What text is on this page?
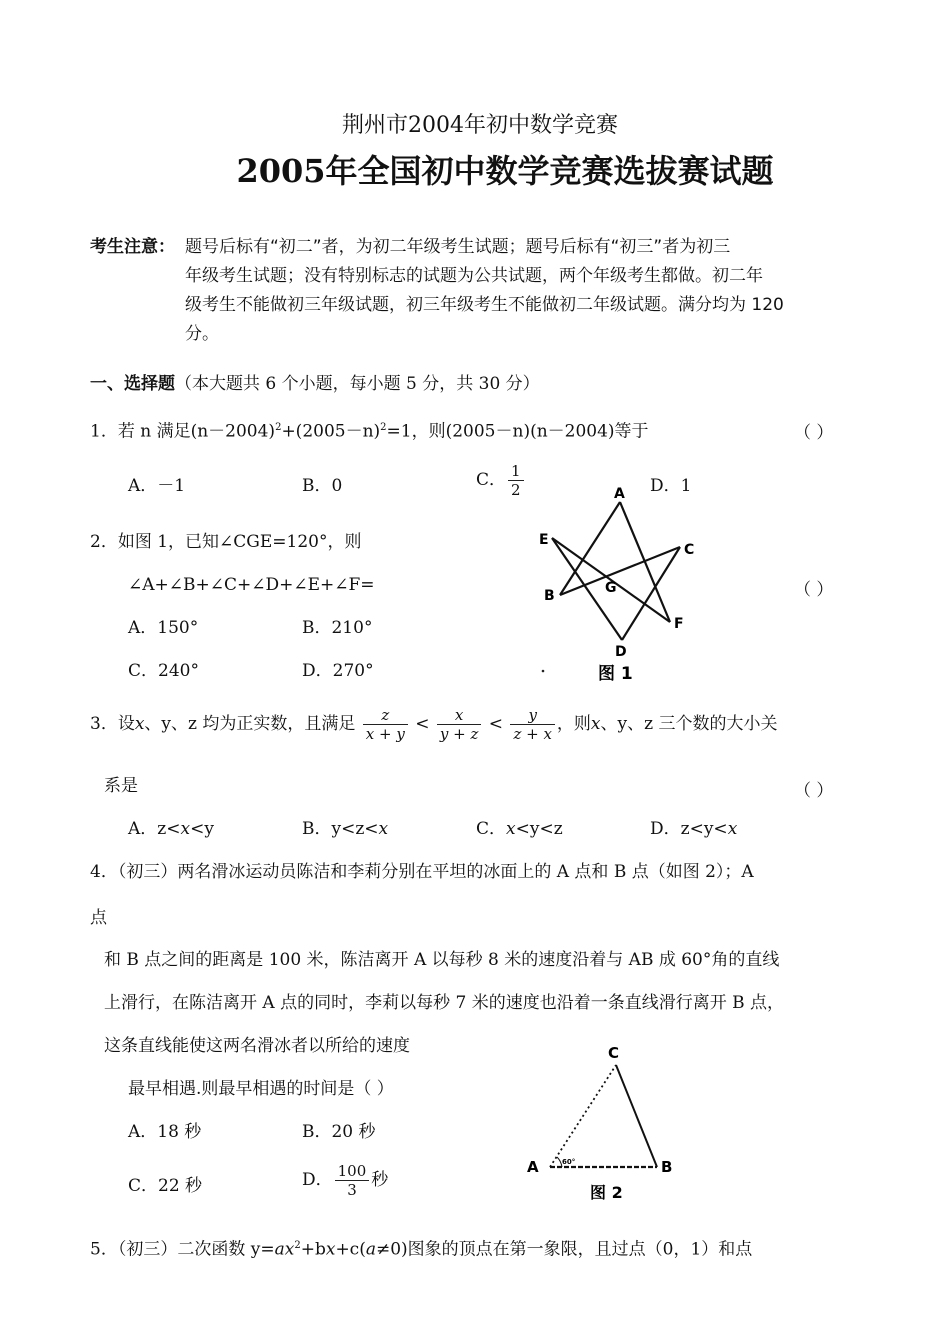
荆州市2004年初中数学竞赛
2005年全国初中数学竞赛选拔赛试题
考生注意： 题号后标有“初二”者，为初二年级考生试题；题号后标有“初三”者为初三
年级考生试题；没有特别标志的试题为公共试题，两个年级考生都做。初二年
级考生不能做初三年级试题，初三年级考生不能做初二年级试题。满分均为 120
分。
一、选择题（本大题共 6 个小题，每小题 5 分，共 30 分）
1．若 n 满足$(n-2004)^2+(2005-n)^2=1$，则(2005－n)(n－2004)等于	（ ）
A．－1	B．0	C． $\frac{1}{2}$	D．1
2．如图 1，已知∠CGE=120°，则
∠A+∠B+∠C+∠D+∠E+∠F=	（ ）
A．150°	B．210°
C．240°	D．270°
A
E
C
B	G
F
D
图 1
3．设x、y、z 均为正实数，且满足 $\frac{z}{x + y} < \frac{x}{y + z} < \frac{y}{z + x}$ ，则x、y、z 三个数的大小关
系是	（ ）
A．z<x<y	B．y<z<x	C．x<y<z	D．z<y<x
4．（初三）两名滑冰运动员陈洁和李莉分别在平坦的冰面上的 A 点和 B 点（如图 2）；A
点
和 B 点之间的距离是 100 米，陈洁离开 A 以每秒 8 米的速度沿着与 AB 成 60°角的直线
上滑行，在陈洁离开 A 点的同时，李莉以每秒 7 米的速度也沿着一条直线滑行离开 B 点，
这条直线能使这两名滑冰者以所给的速度
最早相遇.则最早相遇的时间是（ ）
A．18 秒	B．20 秒
C．22 秒	D． $\frac{100}{3}$ 秒
60°
C
A	B
图 2
5．（初三）二次函数 $y=ax^2+bx+c(a\ne 0)$图象的顶点在第一象限，且过点（0，1）和点
